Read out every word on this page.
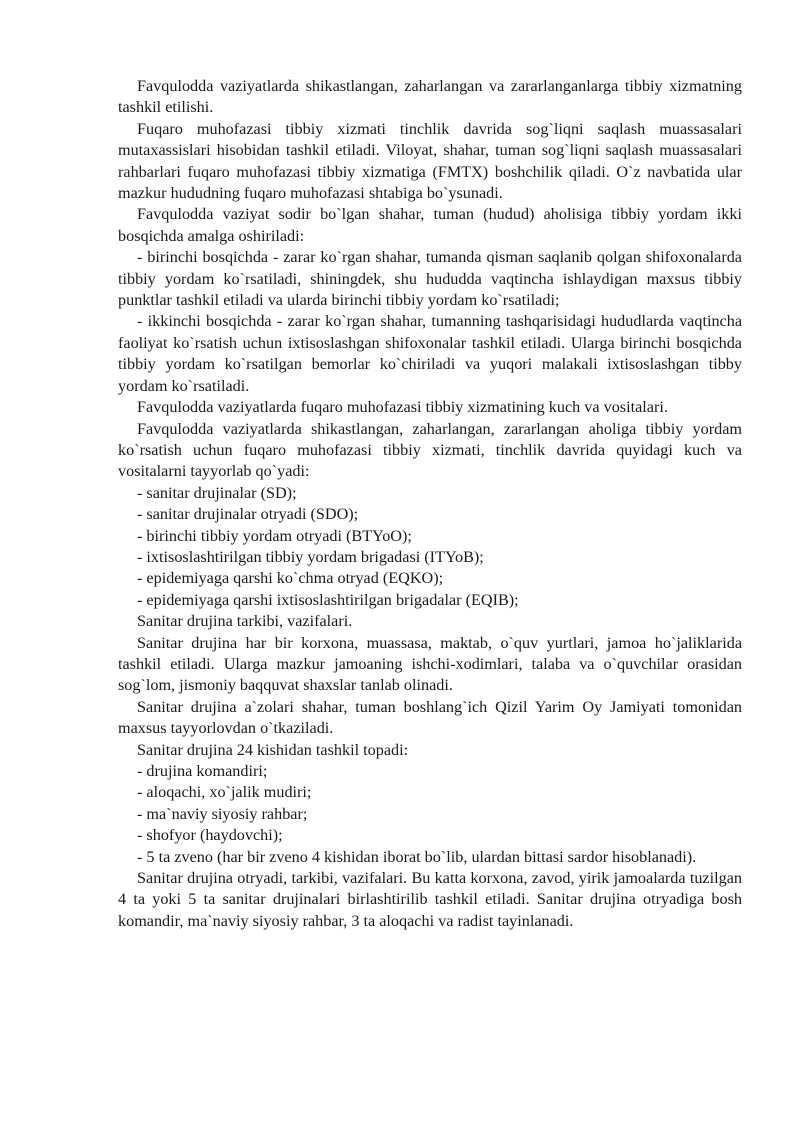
Favqulodda vaziyatlarda shikastlangan, zaharlangan va zararlanganlarga tibbiy xizmatning tashkil etilishi.

Fuqaro muhofazasi tibbiy xizmati tinchlik davrida sog`liqni saqlash muassasalari mutaxassislari hisobidan tashkil etiladi. Viloyat, shahar, tuman sog`liqni saqlash muassasalari rahbarlari fuqaro muhofazasi tibbiy xizmatiga (FMTX) boshchilik qiladi. O`z navbatida ular mazkur hududning fuqaro muhofazasi shtabiga bo`ysunadi.

Favqulodda vaziyat sodir bo`lgan shahar, tuman (hudud) aholisiga tibbiy yordam ikki bosqichda amalga oshiriladi:

- birinchi bosqichda - zarar ko`rgan shahar, tumanda qisman saqlanib qolgan shifoxonalarda tibbiy yordam ko`rsatiladi, shiningdek, shu hududda vaqtincha ishlaydigan maxsus tibbiy punktlar tashkil etiladi va ularda birinchi tibbiy yordam ko`rsatiladi;

- ikkinchi bosqichda - zarar ko`rgan shahar, tumanning tashqarisidagi hududlarda vaqtincha faoliyat ko`rsatish uchun ixtisoslashgan shifoxonalar tashkil etiladi. Ularga birinchi bosqichda tibbiy yordam ko`rsatilgan bemorlar ko`chiriladi va yuqori malakali ixtisoslashgan tibby yordam ko`rsatiladi.

Favqulodda vaziyatlarda fuqaro muhofazasi tibbiy xizmatining kuch va vositalari.

Favqulodda vaziyatlarda shikastlangan, zaharlangan, zararlangan aholiga tibbiy yordam ko`rsatish uchun fuqaro muhofazasi tibbiy xizmati, tinchlik davrida quyidagi kuch va vositalarni tayyorlab qo`yadi:

- sanitar drujinalar (SD);

- sanitar drujinalar otryadi (SDO);

- birinchi tibbiy yordam otryadi (BTYoO);

- ixtisoslashtirilgan tibbiy yordam brigadasi (ITYoB);

- epidemiyaga qarshi ko`chma otryad (EQKO);

- epidemiyaga qarshi ixtisoslashtirilgan brigadalar (EQIB);

Sanitar drujina tarkibi, vazifalari.

Sanitar drujina har bir korxona, muassasa, maktab, o`quv yurtlari, jamoa ho`jaliklarida tashkil etiladi. Ularga mazkur jamoaning ishchi-xodimlari, talaba va o`quvchilar orasidan sog`lom, jismoniy baqquvat shaxslar tanlab olinadi.

Sanitar drujina a`zolari shahar, tuman boshlang`ich Qizil Yarim Oy Jamiyati tomonidan maxsus tayyorlovdan o`tkaziladi.

Sanitar drujina 24 kishidan tashkil topadi:

- drujina komandiri;

- aloqachi, xo`jalik mudiri;

- ma`naviy siyosiy rahbar;

- shofyor (haydovchi);

- 5 ta zveno (har bir zveno 4 kishidan iborat bo`lib, ulardan bittasi sardor hisoblanadi).

Sanitar drujina otryadi, tarkibi, vazifalari. Bu katta korxona, zavod, yirik jamoalarda tuzilgan 4 ta yoki 5 ta sanitar drujinalari birlashtirilib tashkil etiladi. Sanitar drujina otryadiga bosh komandir, ma`naviy siyosiy rahbar, 3 ta aloqachi va radist tayinlanadi.
